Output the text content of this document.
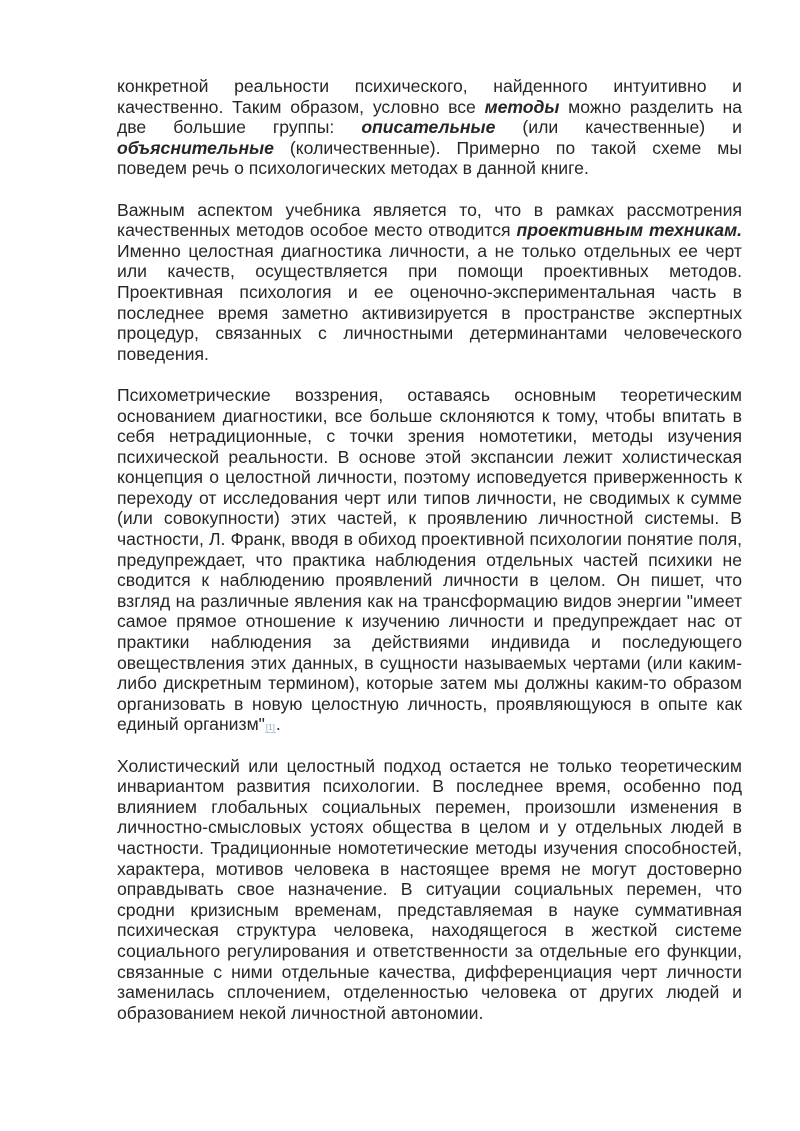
конкретной реальности психического, найденного интуитивно и качественно. Таким образом, условно все методы можно разделить на две большие группы: описательные (или качественные) и объяснительные (количественные). Примерно по такой схеме мы поведем речь о психологических методах в данной книге.

Важным аспектом учебника является то, что в рамках рассмотрения качественных методов особое место отводится проективным техникам. Именно целостная диагностика личности, а не только отдельных ее черт или качеств, осуществляется при помощи проективных методов. Проективная психология и ее оценочно-экспериментальная часть в последнее время заметно активизируется в пространстве экспертных процедур, связанных с личностными детерминантами человеческого поведения.

Психометрические воззрения, оставаясь основным теоретическим основанием диагностики, все больше склоняются к тому, чтобы впитать в себя нетрадиционные, с точки зрения номотетики, методы изучения психической реальности. В основе этой экспансии лежит холистическая концепция о целостной личности, поэтому исповедуется приверженность к переходу от исследования черт или типов личности, не сводимых к сумме (или совокупности) этих частей, к проявлению личностной системы. В частности, Л. Франк, вводя в обиход проективной психологии понятие поля, предупреждает, что практика наблюдения отдельных частей психики не сводится к наблюдению проявлений личности в целом. Он пишет, что взгляд на различные явления как на трансформацию видов энергии "имеет самое прямое отношение к изучению личности и предупреждает нас от практики наблюдения за действиями индивида и последующего овеществления этих данных, в сущности называемых чертами (или каким-либо дискретным термином), которые затем мы должны каким-то образом организовать в новую целостную личность, проявляющуюся в опыте как единый организм"[1].

Холистический или целостный подход остается не только теоретическим инвариантом развития психологии. В последнее время, особенно под влиянием глобальных социальных перемен, произошли изменения в личностно-смысловых устоях общества в целом и у отдельных людей в частности. Традиционные номотетические методы изучения способностей, характера, мотивов человека в настоящее время не могут достоверно оправдывать свое назначение. В ситуации социальных перемен, что сродни кризисным временам, представляемая в науке суммативная психическая структура человека, находящегося в жесткой системе социального регулирования и ответственности за отдельные его функции, связанные с ними отдельные качества, дифференциация черт личности заменилась сплочением, отделенностью человека от других людей и образованием некой личностной автономии.
